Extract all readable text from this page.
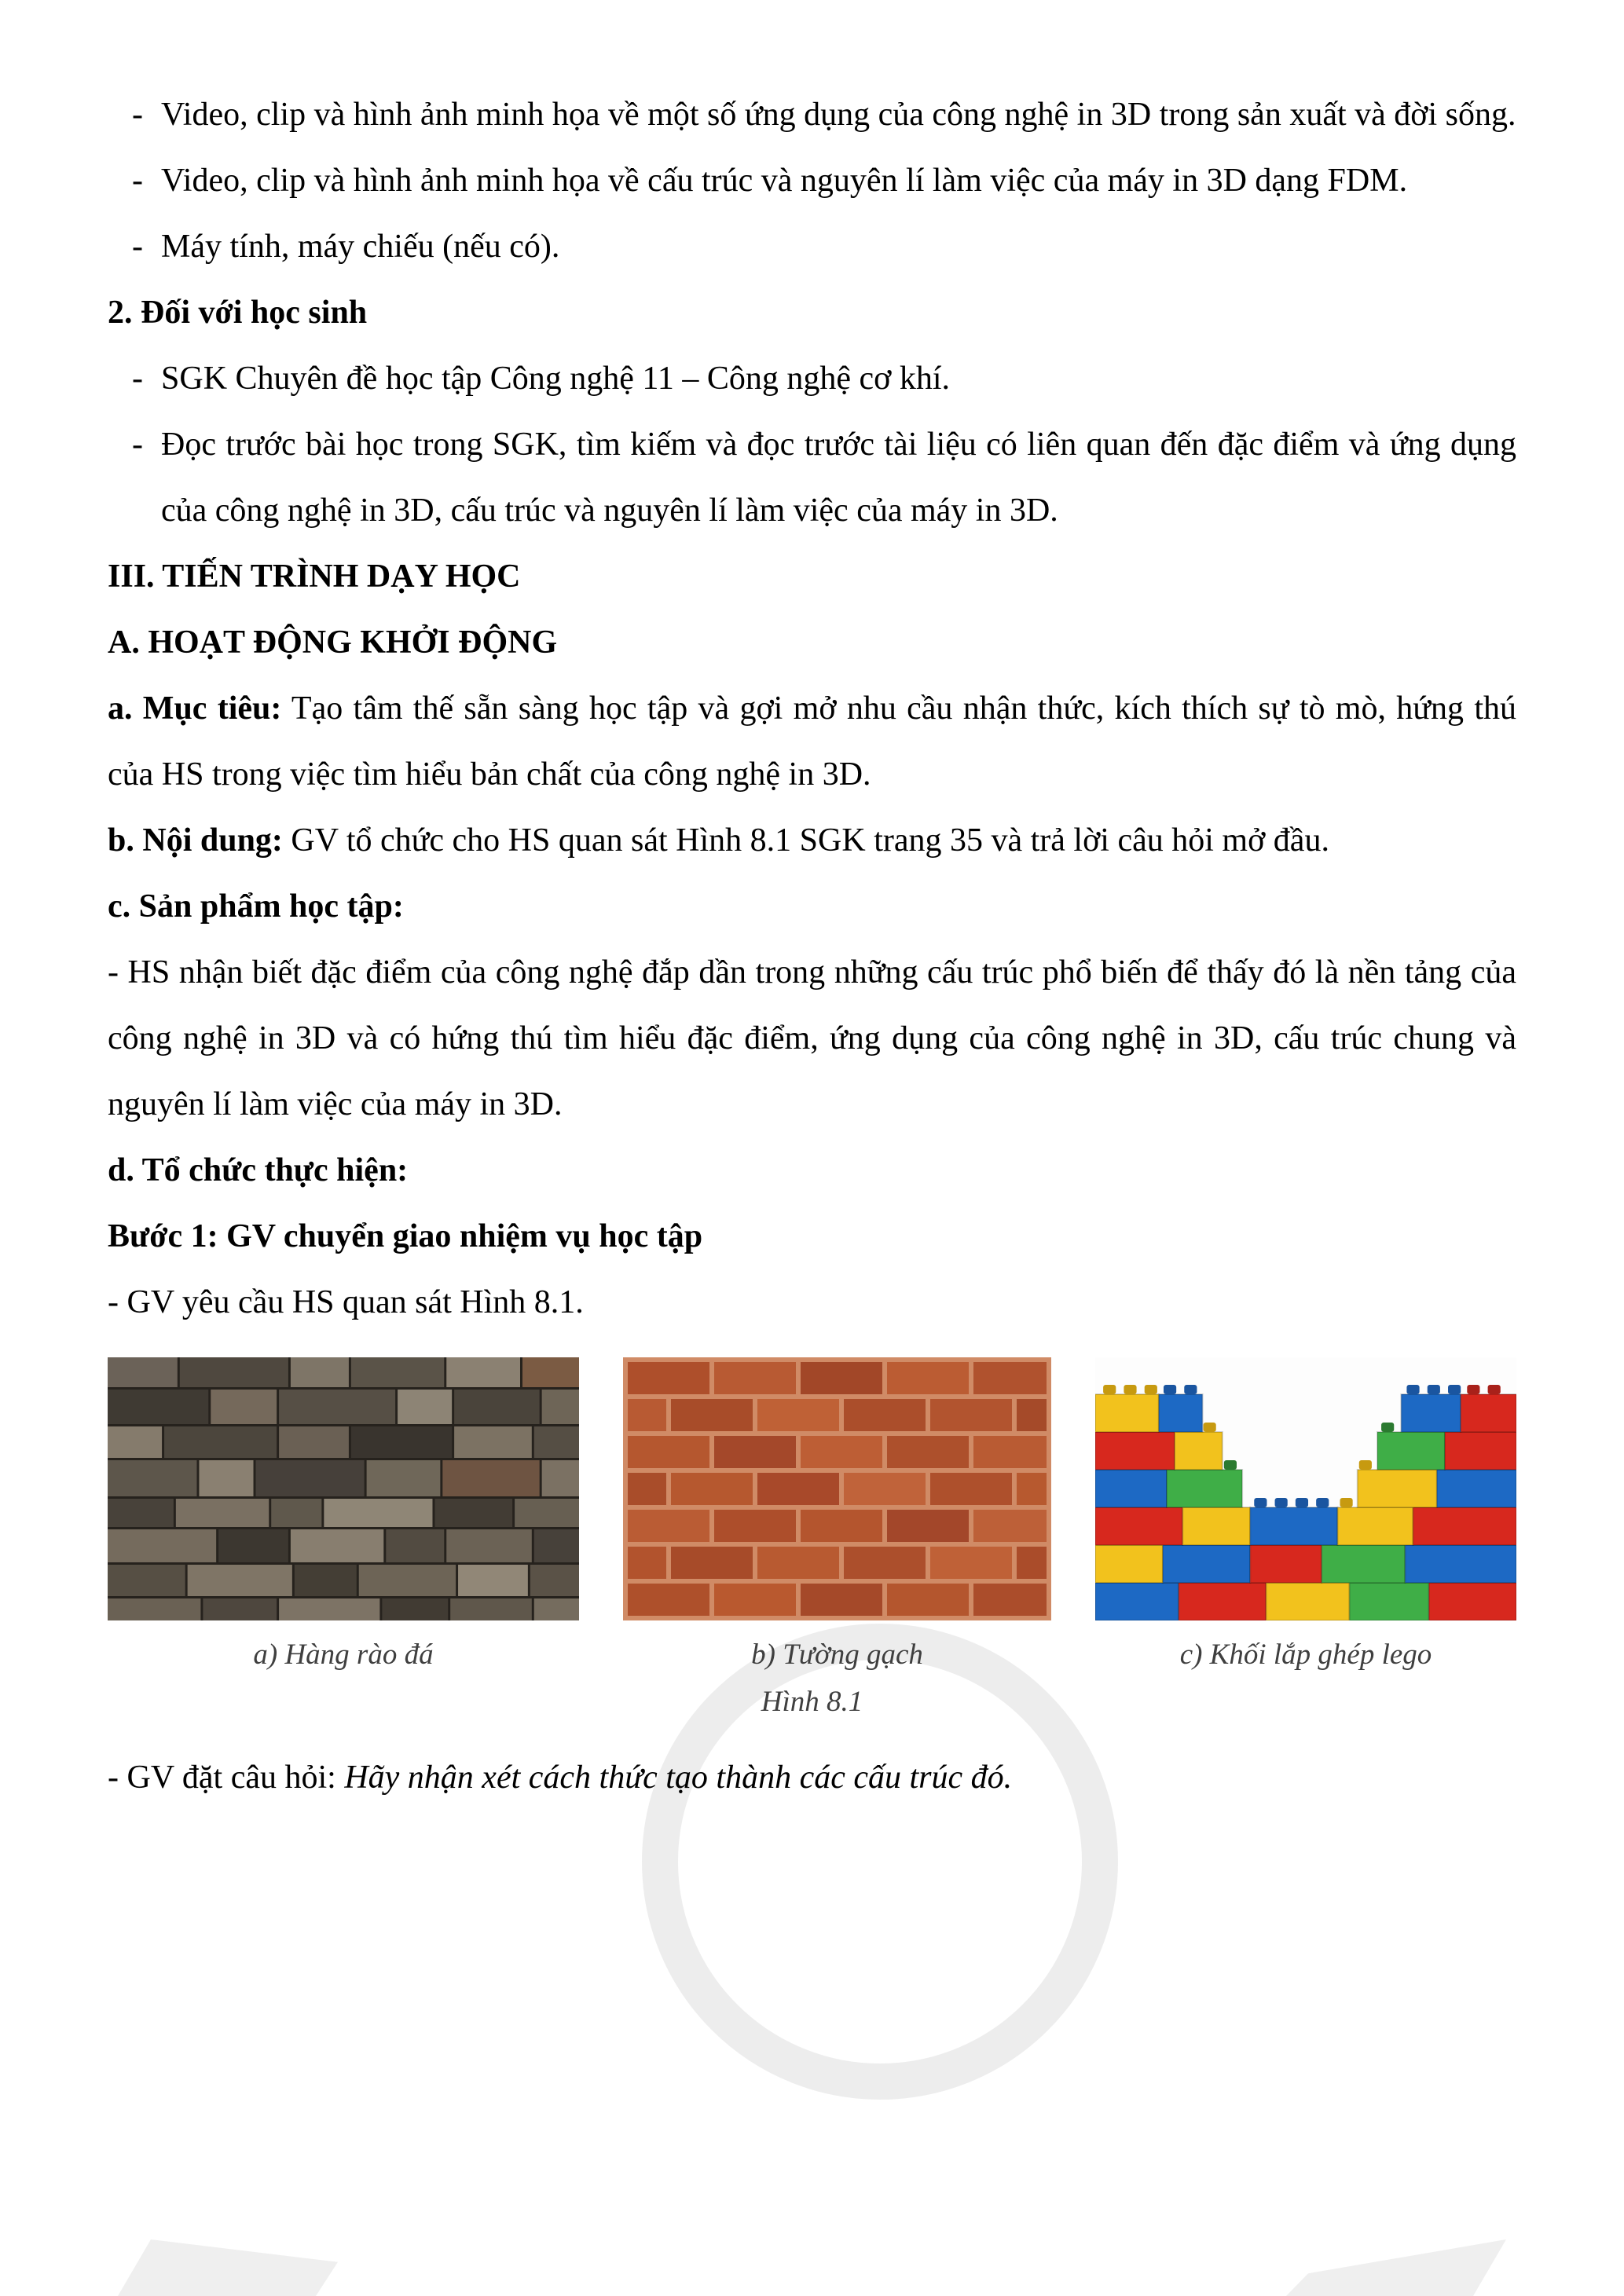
- Video, clip và hình ảnh minh họa về một số ứng dụng của công nghệ in 3D trong sản xuất và đời sống.
- Video, clip và hình ảnh minh họa về cấu trúc và nguyên lí làm việc của máy in 3D dạng FDM.
- Máy tính, máy chiếu (nếu có).

2. Đối với học sinh

- SGK Chuyên đề học tập Công nghệ 11 – Công nghệ cơ khí.
- Đọc trước bài học trong SGK, tìm kiếm và đọc trước tài liệu có liên quan đến đặc điểm và ứng dụng của công nghệ in 3D, cấu trúc và nguyên lí làm việc của máy in 3D.

III. TIẾN TRÌNH DẠY HỌC

A. HOẠT ĐỘNG KHỞI ĐỘNG

a. Mục tiêu: Tạo tâm thế sẵn sàng học tập và gợi mở nhu cầu nhận thức, kích thích sự tò mò, hứng thú của HS trong việc tìm hiểu bản chất của công nghệ in 3D.

b. Nội dung: GV tổ chức cho HS quan sát Hình 8.1 SGK trang 35 và trả lời câu hỏi mở đầu.

c. Sản phẩm học tập:

- HS nhận biết đặc điểm của công nghệ đắp dần trong những cấu trúc phổ biến để thấy đó là nền tảng của công nghệ in 3D và có hứng thú tìm hiểu đặc điểm, ứng dụng của công nghệ in 3D, cấu trúc chung và nguyên lí làm việc của máy in 3D.

d. Tổ chức thực hiện:

Bước 1: GV chuyển giao nhiệm vụ học tập

- GV yêu cầu HS quan sát Hình 8.1.

a) Hàng rào đá	b) Tường gạch	c) Khối lắp ghép lego
Hình 8.1

- GV đặt câu hỏi: Hãy nhận xét cách thức tạo thành các cấu trúc đó.
